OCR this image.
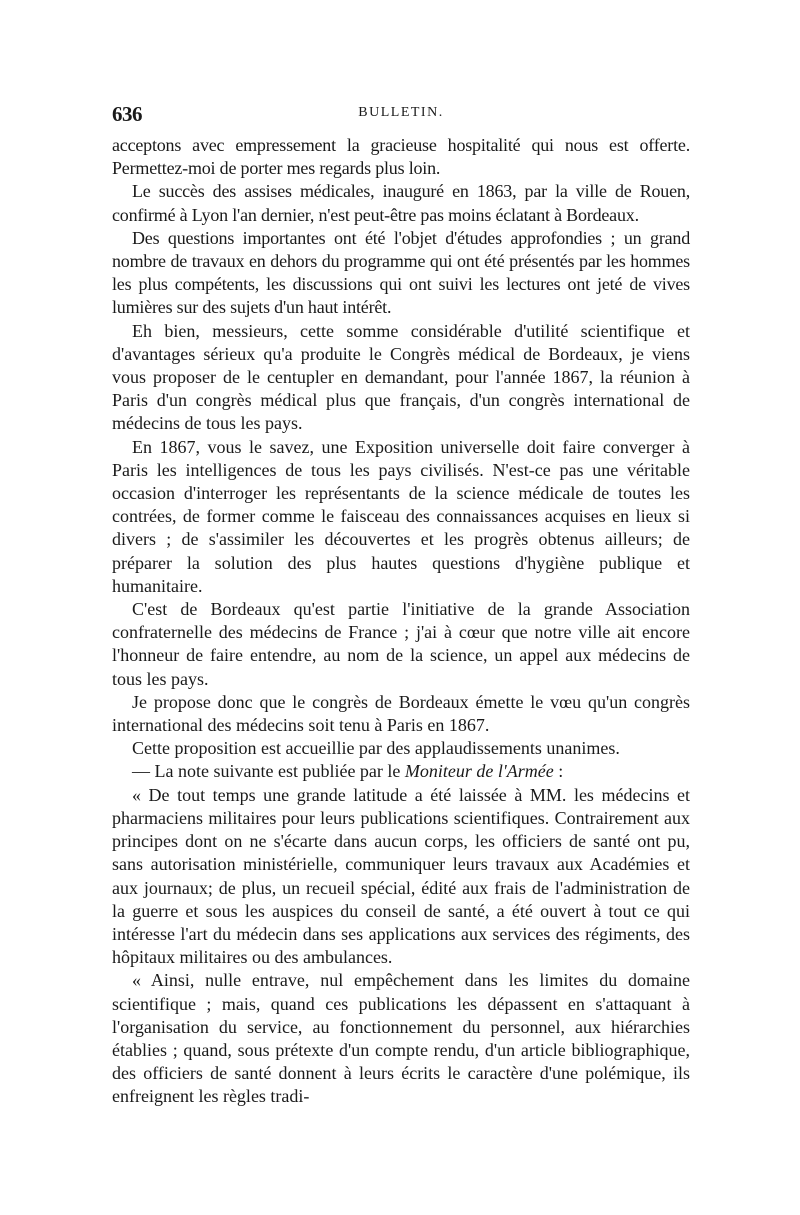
636	BULLETIN.

acceptons avec empressement la gracieuse hospitalité qui nous est offerte. Permettez-moi de porter mes regards plus loin.

Le succès des assises médicales, inauguré en 1863, par la ville de Rouen, confirmé à Lyon l'an dernier, n'est peut-être pas moins éclatant à Bordeaux.

Des questions importantes ont été l'objet d'études approfondies ; un grand nombre de travaux en dehors du programme qui ont été présentés par les hommes les plus compétents, les discussions qui ont suivi les lectures ont jeté de vives lumières sur des sujets d'un haut intérêt.

Eh bien, messieurs, cette somme considérable d'utilité scientifique et d'avantages sérieux qu'a produite le Congrès médical de Bordeaux, je viens vous proposer de le centupler en demandant, pour l'année 1867, la réunion à Paris d'un congrès médical plus que français, d'un congrès international de médecins de tous les pays.

En 1867, vous le savez, une Exposition universelle doit faire converger à Paris les intelligences de tous les pays civilisés. N'est-ce pas une véritable occasion d'interroger les représentants de la science médicale de toutes les contrées, de former comme le faisceau des connaissances acquises en lieux si divers ; de s'assimiler les découvertes et les progrès obtenus ailleurs; de préparer la solution des plus hautes questions d'hygiène publique et humanitaire.

C'est de Bordeaux qu'est partie l'initiative de la grande Association confraternelle des médecins de France ; j'ai à cœur que notre ville ait encore l'honneur de faire entendre, au nom de la science, un appel aux médecins de tous les pays.

Je propose donc que le congrès de Bordeaux émette le vœu qu'un congrès international des médecins soit tenu à Paris en 1867.

Cette proposition est accueillie par des applaudissements unanimes.

— La note suivante est publiée par le Moniteur de l'Armée :

« De tout temps une grande latitude a été laissée à MM. les médecins et pharmaciens militaires pour leurs publications scientifiques. Contrairement aux principes dont on ne s'écarte dans aucun corps, les officiers de santé ont pu, sans autorisation ministérielle, communiquer leurs travaux aux Académies et aux journaux; de plus, un recueil spécial, édité aux frais de l'administration de la guerre et sous les auspices du conseil de santé, a été ouvert à tout ce qui intéresse l'art du médecin dans ses applications aux services des régiments, des hôpitaux militaires ou des ambulances.

« Ainsi, nulle entrave, nul empêchement dans les limites du domaine scientifique ; mais, quand ces publications les dépassent en s'attaquant à l'organisation du service, au fonctionnement du personnel, aux hiérarchies établies ; quand, sous prétexte d'un compte rendu, d'un article bibliographique, des officiers de santé donnent à leurs écrits le caractère d'une polémique, ils enfreignent les règles tradi-
